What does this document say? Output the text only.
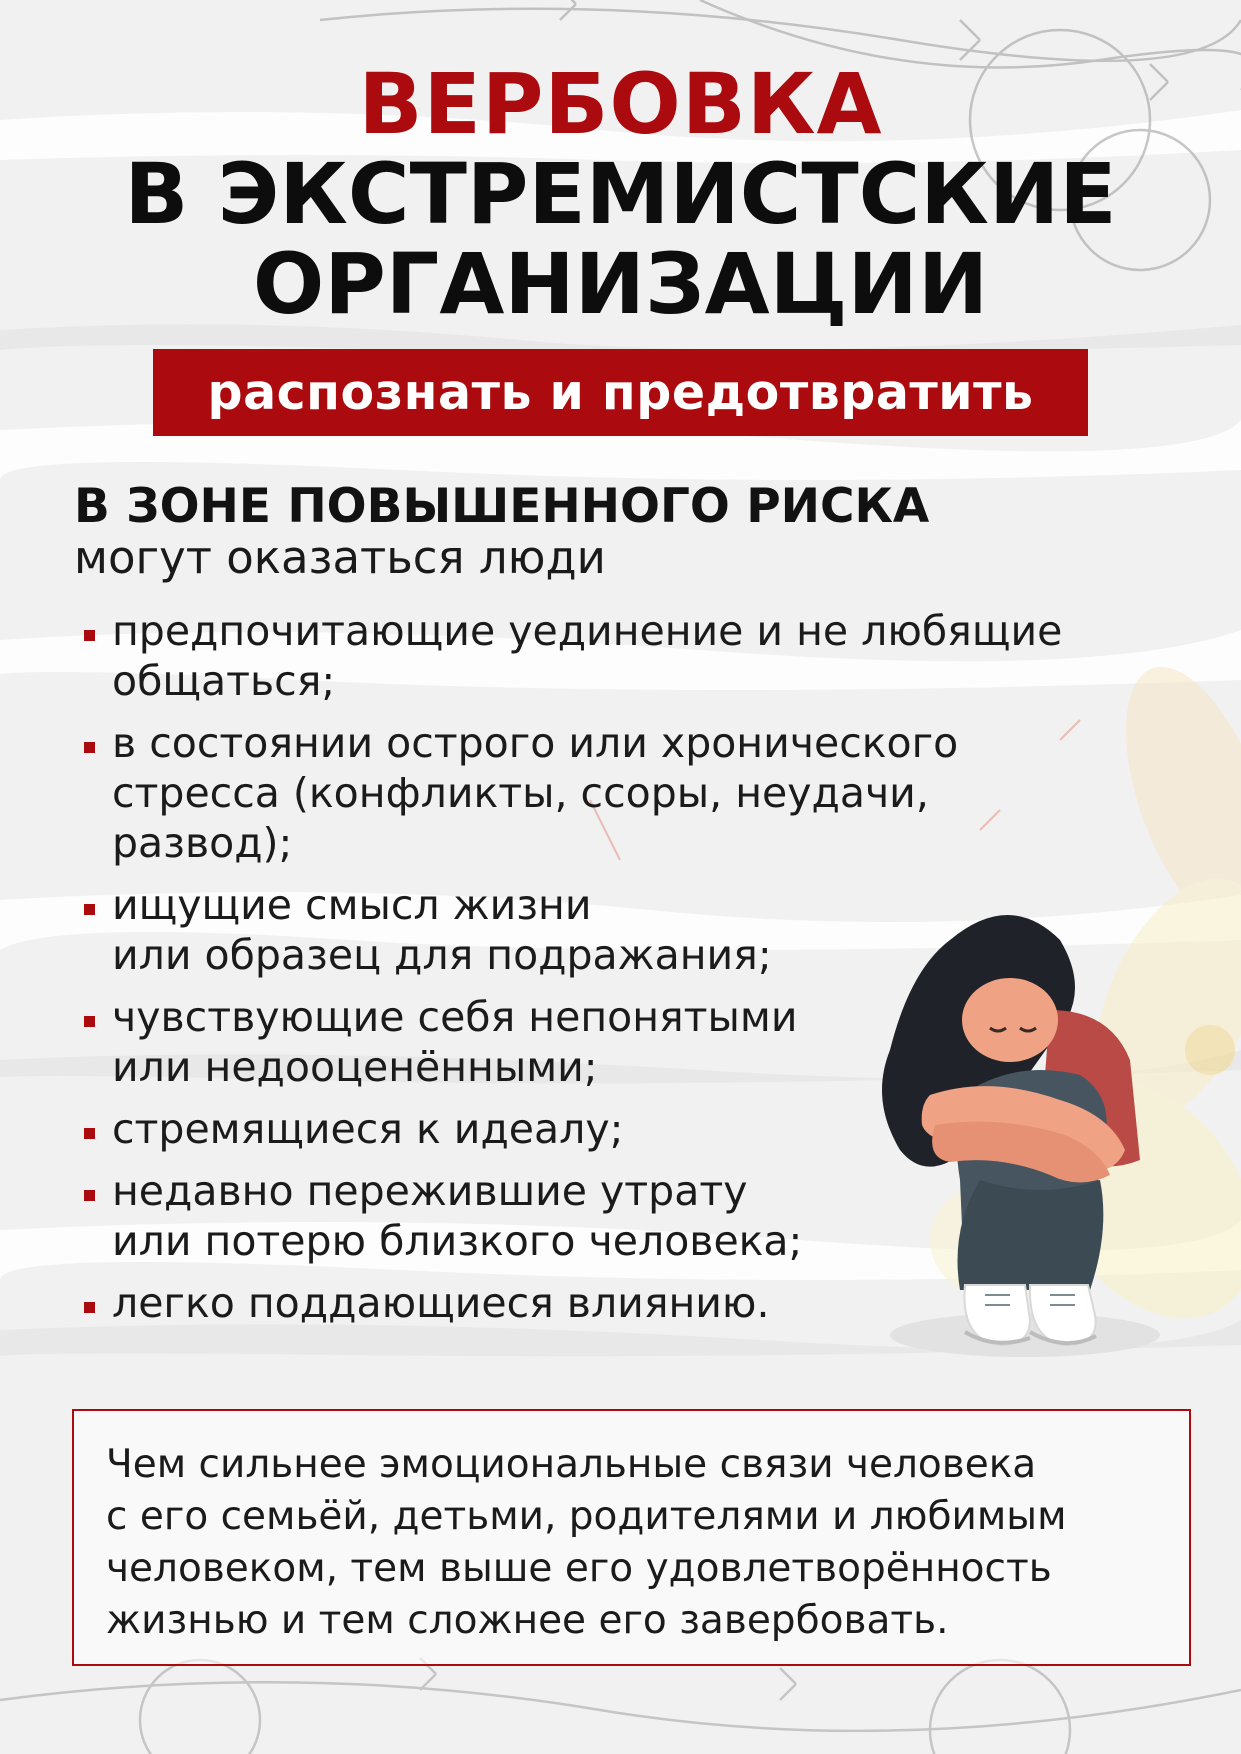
ВЕРБОВКА
В ЭКСТРЕМИСТСКИЕ
ОРГАНИЗАЦИИ
распознать и предотвратить
В ЗОНЕ ПОВЫШЕННОГО РИСКА

могут оказаться люди

предпочитающие уединение и не любящие
общаться;
в состоянии острого или хронического
стресса (конфликты, ссоры, неудачи,
развод);
ищущие смысл жизни
или образец для подражания;
чувствующие себя непонятыми
или недооценёнными;
стремящиеся к идеалу;
недавно пережившие утрату
или потерю близкого человека;
легко поддающиеся влиянию.
Чем сильнее эмоциональные связи человека
с его семьёй, детьми, родителями и любимым
человеком, тем выше его удовлетворённость
жизнью и тем сложнее его завербовать.
